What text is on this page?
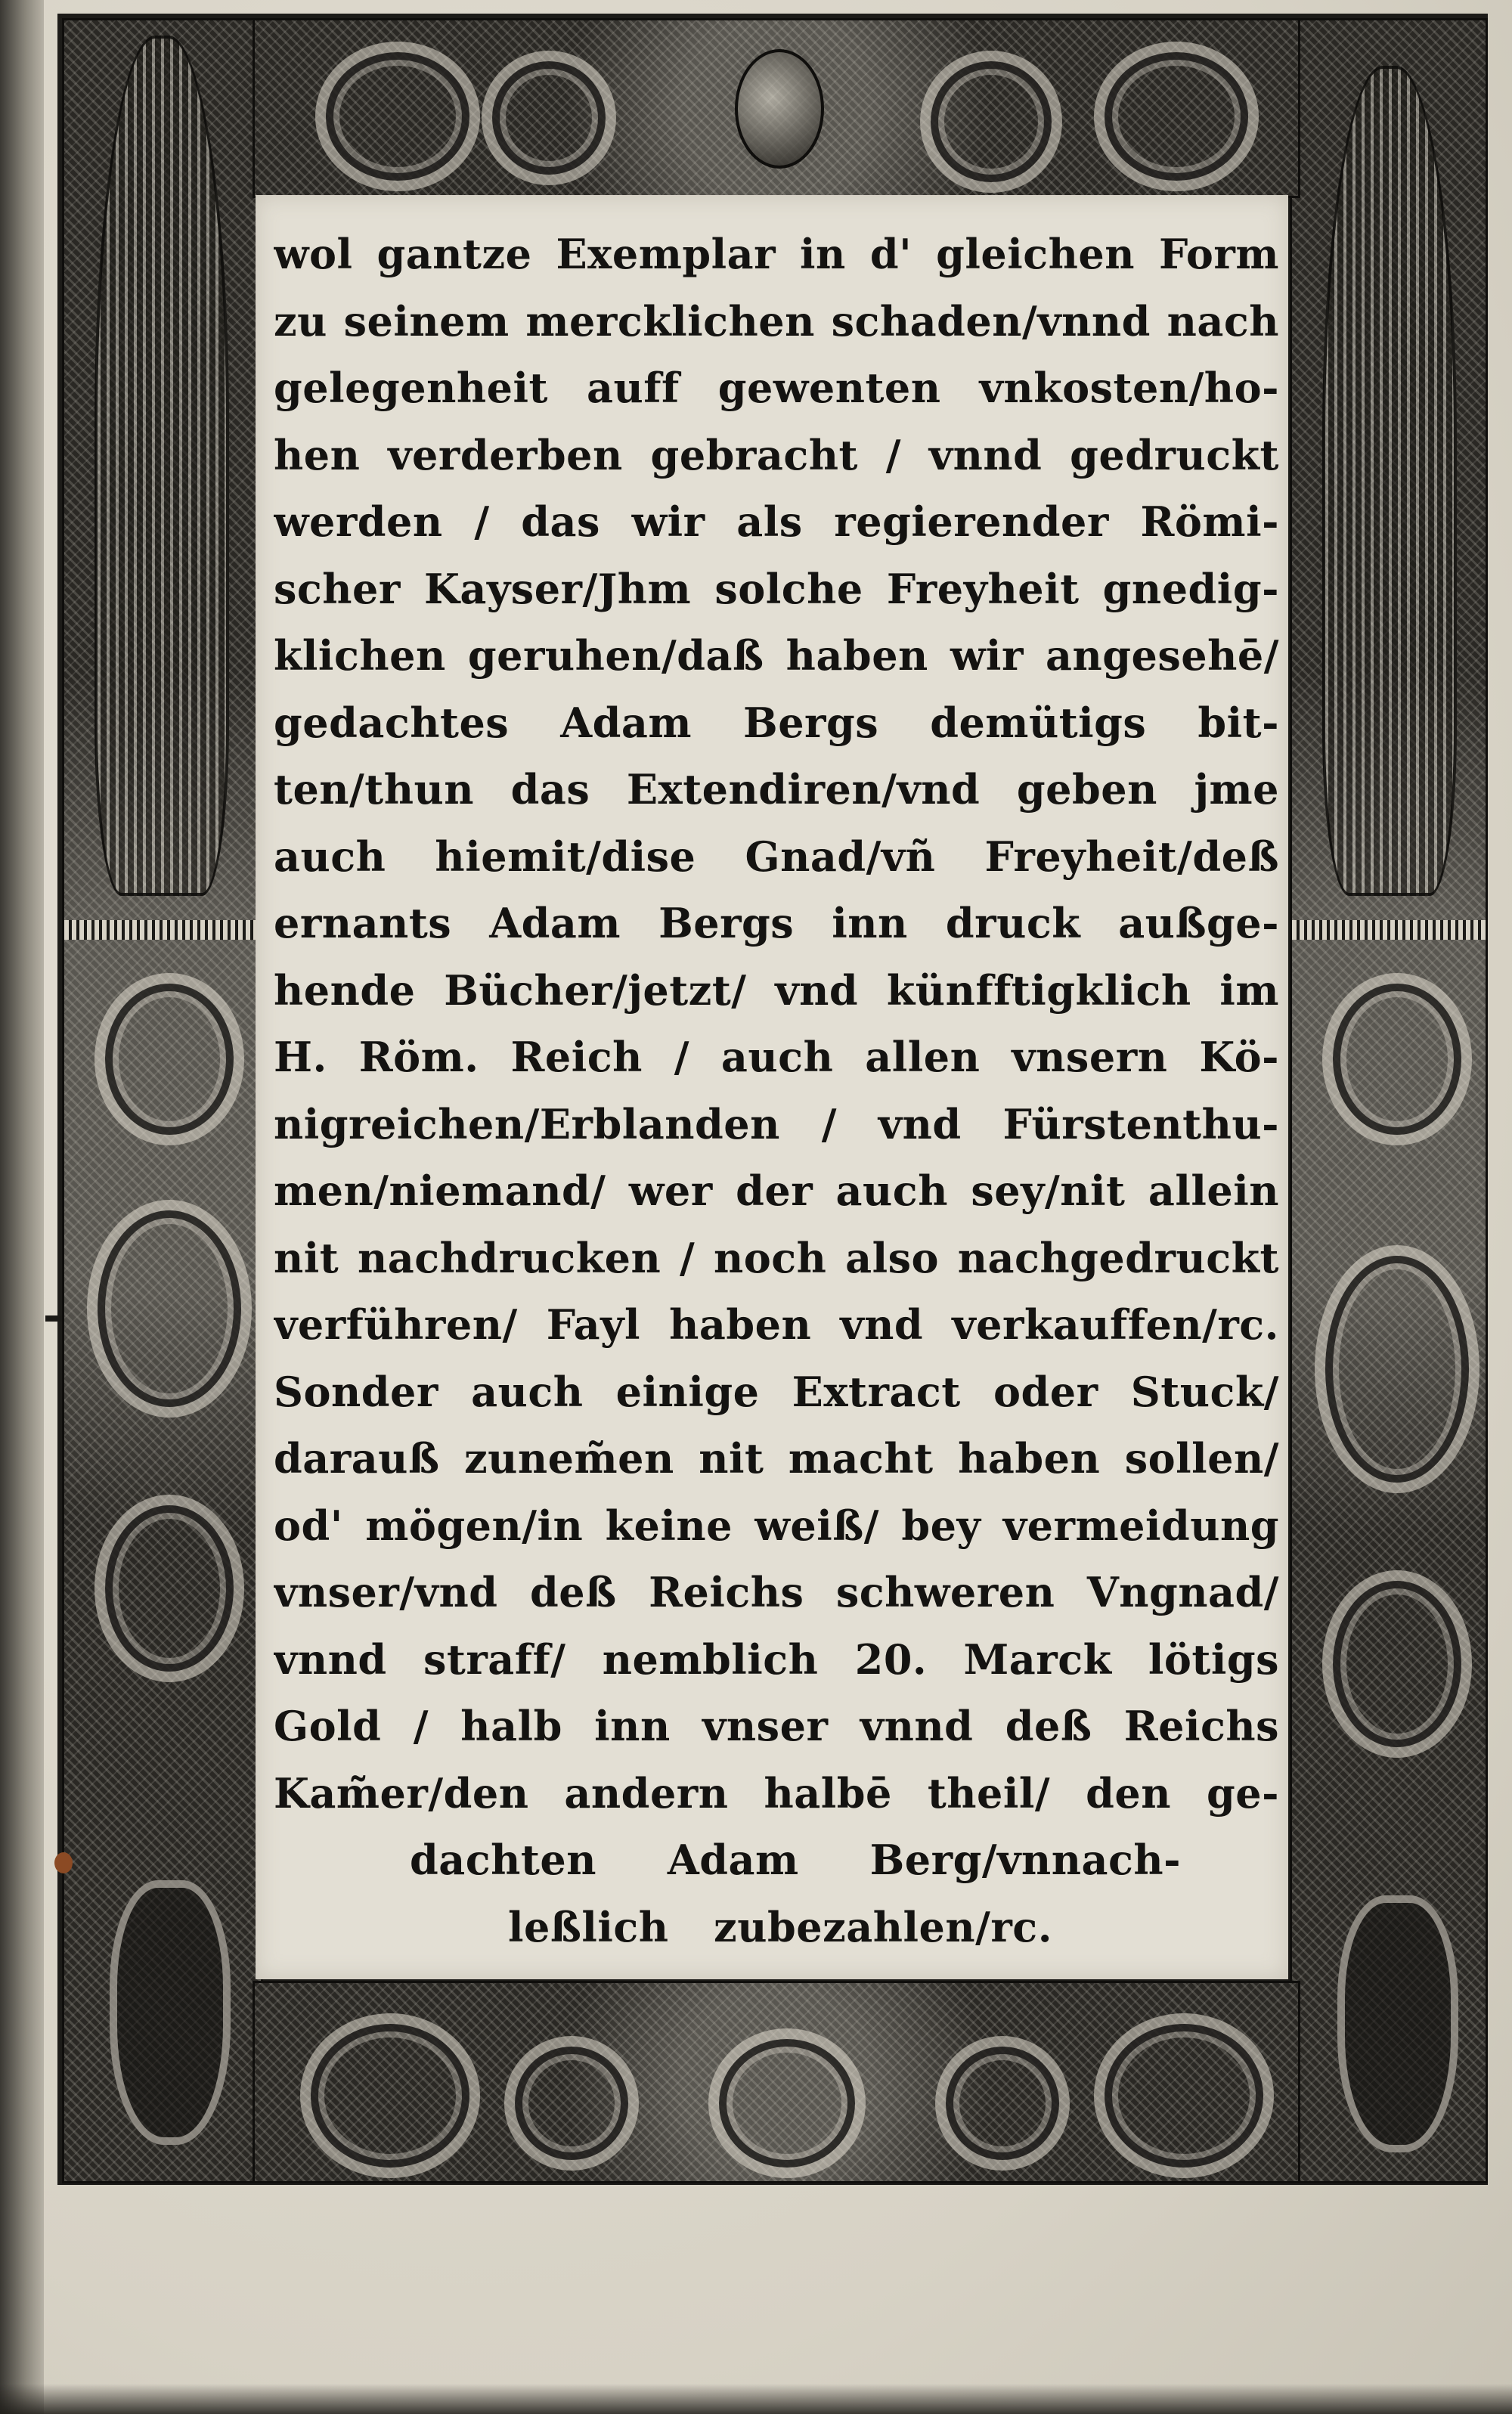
wol gantze Exemplar in d' gleichen Form
zu seinem mercklichen schaden/vnnd nach
gelegenheit auff gewenten vnkosten/ho-
hen verderben gebracht / vnnd gedruckt
werden / das wir als regierender Römi-
scher Kayser/Jhm solche Freyheit gnedig-
klichen geruhen/daß haben wir angesehē/
gedachtes Adam Bergs demütigs bit-
ten/thun das Extendiren/vnd geben jme
auch hiemit/dise Gnad/vñ Freyheit/deß
ernants Adam Bergs inn druck außge-
hende Bücher/jetzt/ vnd künfftigklich im
H. Röm. Reich / auch allen vnsern Kö-
nigreichen/Erblanden / vnd Fürstenthu-
men/niemand/ wer der auch sey/nit allein
nit nachdrucken / noch also nachgedruckt
verführen/ Fayl haben vnd verkauffen/rc.
Sonder auch einige Extract oder Stuck/
darauß zunem̃en nit macht haben sollen/
od' mögen/in keine weiß/ bey vermeidung
vnser/vnd deß Reichs schweren Vngnad/
vnnd straff/ nemblich 20. Marck lötigs
Gold / halb inn vnser vnnd deß Reichs
Kam̃er/den andern halbē theil/ den ge-
dachten Adam Berg/vnnach-
leßlich zubezahlen/rc.
